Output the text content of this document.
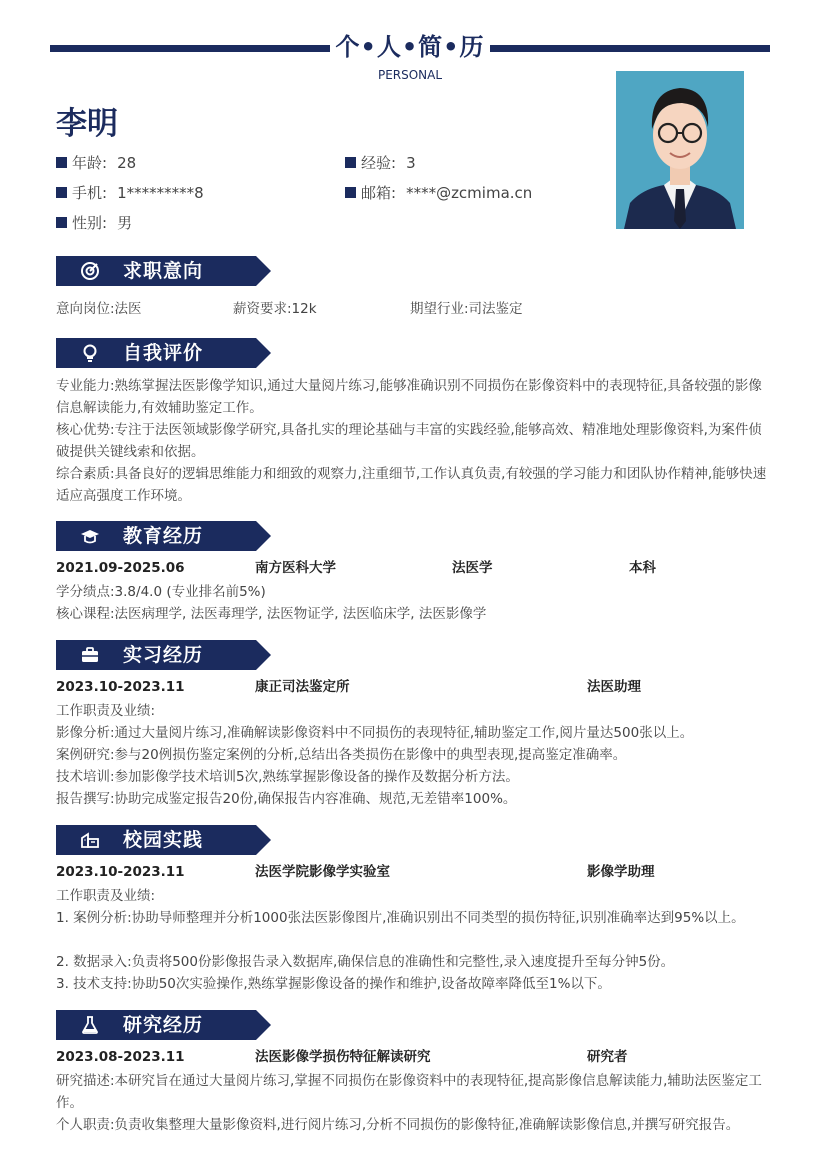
个•人•简•历
PERSONAL
李明
年龄: 28	经验: 3
手机: 1*********8	邮箱: ****@zcmima.cn
性别: 男
求职意向
意向岗位:法医	薪资要求:12k	期望行业:司法鉴定
自我评价
专业能力:熟练掌握法医影像学知识,通过大量阅片练习,能够准确识别不同损伤在影像资料中的表现特征,具备较强的影像信息解读能力,有效辅助鉴定工作。
核心优势:专注于法医领域影像学研究,具备扎实的理论基础与丰富的实践经验,能够高效、精准地处理影像资料,为案件侦破提供关键线索和依据。
综合素质:具备良好的逻辑思维能力和细致的观察力,注重细节,工作认真负责,有较强的学习能力和团队协作精神,能够快速适应高强度工作环境。
教育经历
2021.09-2025.06	南方医科大学	法医学	本科
学分绩点:3.8/4.0 (专业排名前5%)
核心课程:法医病理学, 法医毒理学, 法医物证学, 法医临床学, 法医影像学
实习经历
2023.10-2023.11	康正司法鉴定所	法医助理
工作职责及业绩:
影像分析:通过大量阅片练习,准确解读影像资料中不同损伤的表现特征,辅助鉴定工作,阅片量达500张以上。
案例研究:参与20例损伤鉴定案例的分析,总结出各类损伤在影像中的典型表现,提高鉴定准确率。
技术培训:参加影像学技术培训5次,熟练掌握影像设备的操作及数据分析方法。
报告撰写:协助完成鉴定报告20份,确保报告内容准确、规范,无差错率100%。
校园实践
2023.10-2023.11	法医学院影像学实验室	影像学助理
工作职责及业绩:
1. 案例分析:协助导师整理并分析1000张法医影像图片,准确识别出不同类型的损伤特征,识别准确率达到95%以上。
2. 数据录入:负责将500份影像报告录入数据库,确保信息的准确性和完整性,录入速度提升至每分钟5份。
3. 技术支持:协助50次实验操作,熟练掌握影像设备的操作和维护,设备故障率降低至1%以下。
研究经历
2023.08-2023.11	法医影像学损伤特征解读研究	研究者
研究描述:本研究旨在通过大量阅片练习,掌握不同损伤在影像资料中的表现特征,提高影像信息解读能力,辅助法医鉴定工作。
个人职责:负责收集整理大量影像资料,进行阅片练习,分析不同损伤的影像特征,准确解读影像信息,并撰写研究报告。
